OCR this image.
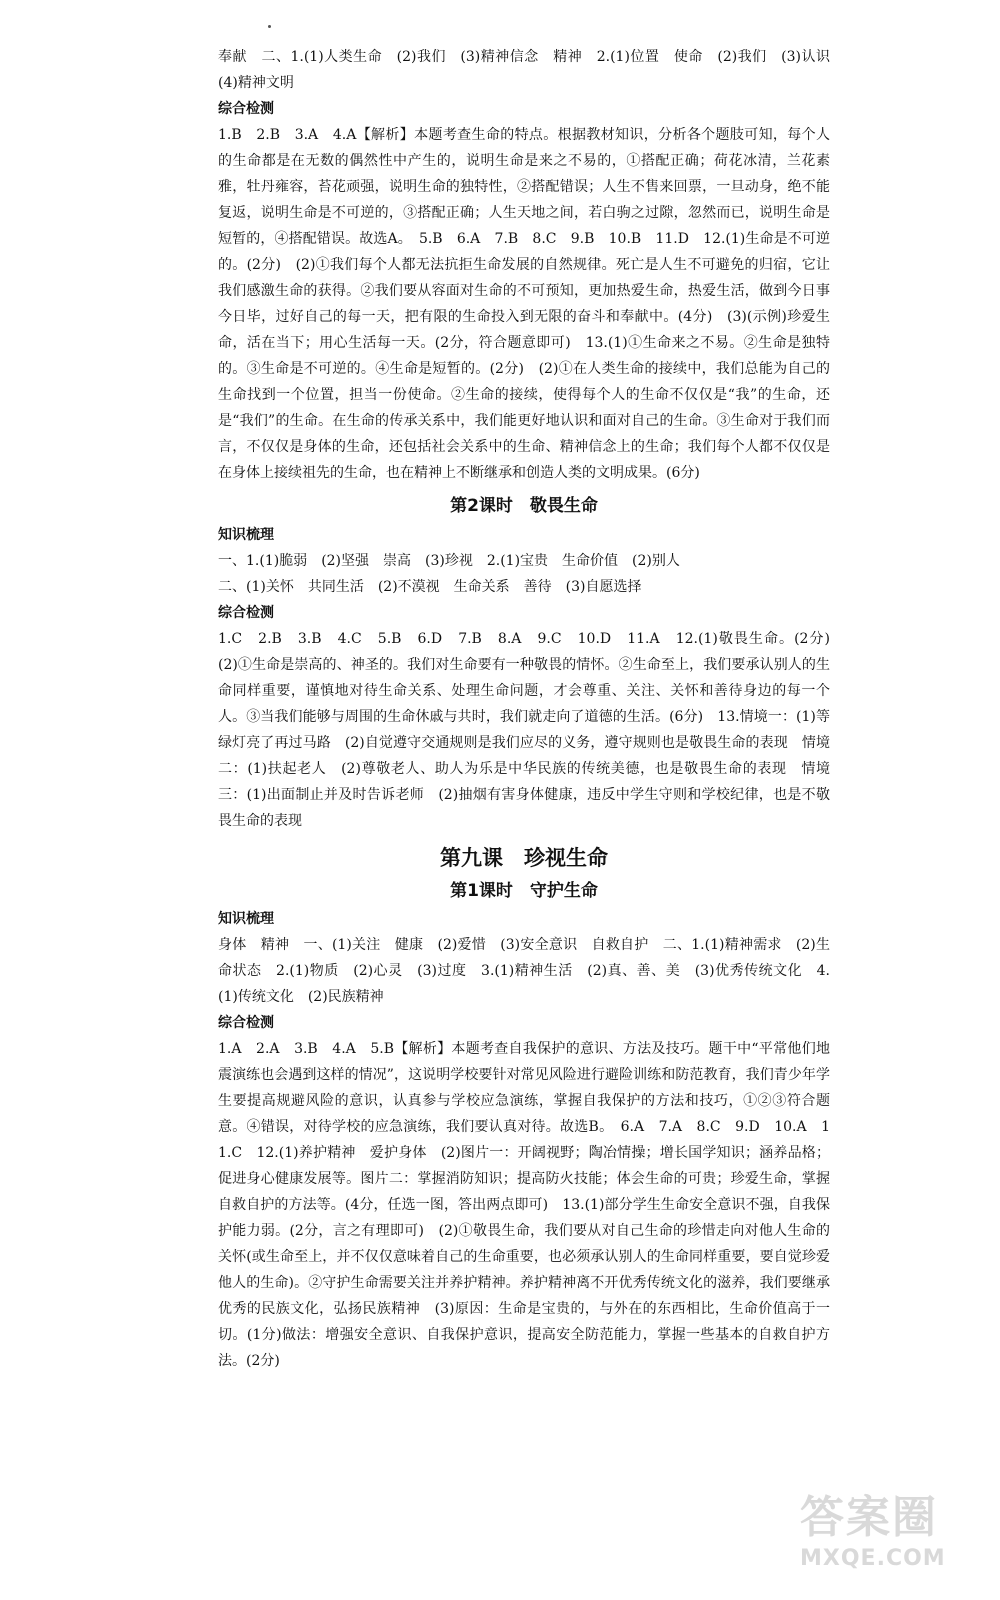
奉献　二、1.(1)人类生命　(2)我们　(3)精神信念　精神　2.(1)位置　使命　(2)我们　(3)认识　(4)精神文明

综合检测

1.B　2.B　3.A　4.A【解析】本题考查生命的特点。根据教材知识，分析各个题肢可知，每个人的生命都是在无数的偶然性中产生的，说明生命是来之不易的，①搭配正确；荷花冰清，兰花素雅，牡丹雍容，苔花顽强，说明生命的独特性，②搭配错误；人生不售来回票，一旦动身，绝不能复返，说明生命是不可逆的，③搭配正确；人生天地之间，若白驹之过隙，忽然而已，说明生命是短暂的，④搭配错误。故选A。　5.B　6.A　7.B　8.C　9.B　10.B　11.D　12.(1)生命是不可逆的。(2分)　(2)①我们每个人都无法抗拒生命发展的自然规律。死亡是人生不可避免的归宿，它让我们感激生命的获得。②我们要从容面对生命的不可预知，更加热爱生命，热爱生活，做到今日事今日毕，过好自己的每一天，把有限的生命投入到无限的奋斗和奉献中。(4分)　(3)(示例)珍爱生命，活在当下；用心生活每一天。(2分，符合题意即可)　13.(1)①生命来之不易。②生命是独特的。③生命是不可逆的。④生命是短暂的。(2分)　(2)①在人类生命的接续中，我们总能为自己的生命找到一个位置，担当一份使命。②生命的接续，使得每个人的生命不仅仅是“我”的生命，还是“我们”的生命。在生命的传承关系中，我们能更好地认识和面对自己的生命。③生命对于我们而言，不仅仅是身体的生命，还包括社会关系中的生命、精神信念上的生命；我们每个人都不仅仅是在身体上接续祖先的生命，也在精神上不断继承和创造人类的文明成果。(6分)

第2课时　敬畏生命

知识梳理

一、1.(1)脆弱　(2)坚强　崇高　(3)珍视　2.(1)宝贵　生命价值　(2)别人

二、(1)关怀　共同生活　(2)不漠视　生命关系　善待　(3)自愿选择

综合检测

1.C　2.B　3.B　4.C　5.B　6.D　7.B　8.A　9.C　10.D　11.A　12.(1)敬畏生命。(2分)　(2)①生命是崇高的、神圣的。我们对生命要有一种敬畏的情怀。②生命至上，我们要承认别人的生命同样重要，谨慎地对待生命关系、处理生命问题，才会尊重、关注、关怀和善待身边的每一个人。③当我们能够与周围的生命休戚与共时，我们就走向了道德的生活。(6分)　13.情境一：(1)等绿灯亮了再过马路　(2)自觉遵守交通规则是我们应尽的义务，遵守规则也是敬畏生命的表现　情境二：(1)扶起老人　(2)尊敬老人、助人为乐是中华民族的传统美德，也是敬畏生命的表现　情境三：(1)出面制止并及时告诉老师　(2)抽烟有害身体健康，违反中学生守则和学校纪律，也是不敬畏生命的表现

第九课　珍视生命

第1课时　守护生命

知识梳理

身体　精神　一、(1)关注　健康　(2)爱惜　(3)安全意识　自救自护　二、1.(1)精神需求　(2)生命状态　2.(1)物质　(2)心灵　(3)过度　3.(1)精神生活　(2)真、善、美　(3)优秀传统文化　4.(1)传统文化　(2)民族精神

综合检测

1.A　2.A　3.B　4.A　5.B【解析】本题考查自我保护的意识、方法及技巧。题干中“平常他们地震演练也会遇到这样的情况”，这说明学校要针对常见风险进行避险训练和防范教育，我们青少年学生要提高规避风险的意识，认真参与学校应急演练，掌握自我保护的方法和技巧，①②③符合题意。④错误，对待学校的应急演练，我们要认真对待。故选B。　6.A　7.A　8.C　9.D　10.A　11.C　12.(1)养护精神　爱护身体　(2)图片一：开阔视野；陶冶情操；增长国学知识；涵养品格；促进身心健康发展等。图片二：掌握消防知识；提高防火技能；体会生命的可贵；珍爱生命，掌握自救自护的方法等。(4分，任选一图，答出两点即可)　13.(1)部分学生生命安全意识不强，自我保护能力弱。(2分，言之有理即可)　(2)①敬畏生命，我们要从对自己生命的珍惜走向对他人生命的关怀(或生命至上，并不仅仅意味着自己的生命重要，也必须承认别人的生命同样重要，要自觉珍爱他人的生命)。②守护生命需要关注并养护精神。养护精神离不开优秀传统文化的滋养，我们要继承优秀的民族文化，弘扬民族精神　(3)原因：生命是宝贵的，与外在的东西相比，生命价值高于一切。(1分)做法：增强安全意识、自我保护意识，提高安全防范能力，掌握一些基本的自救自护方法。(2分)

答案圈
MXQE.COM
